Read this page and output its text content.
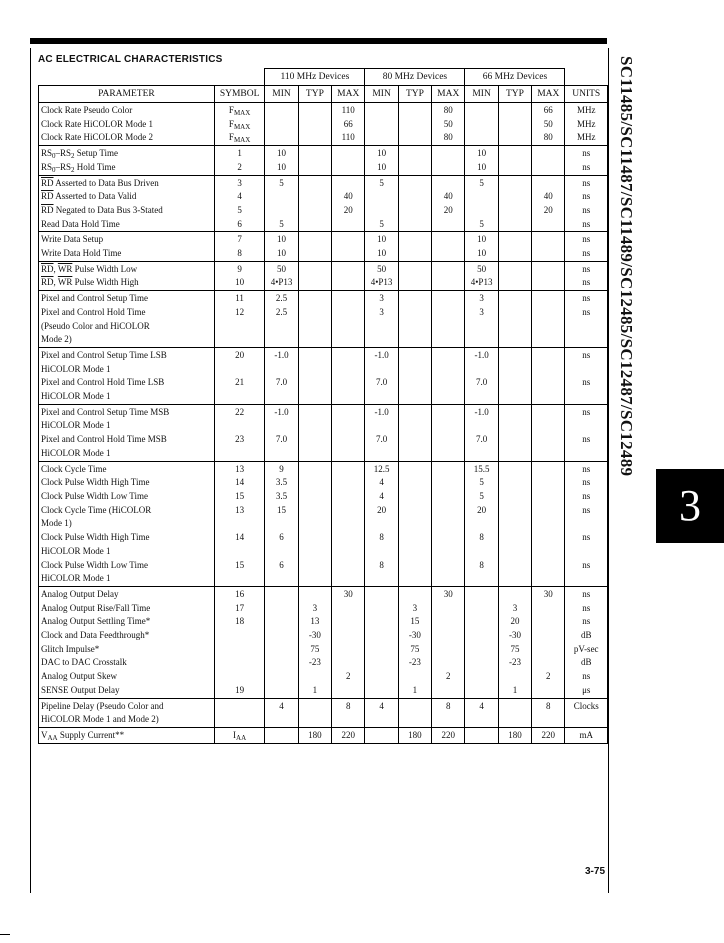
AC ELECTRICAL CHARACTERISTICS	SC11485/SC11487/SC11489/SC12485/SC12487/SC12489
3
		110 MHz Devices			80 MHz Devices			66 MHz Devices			
PARAMETER	SYMBOL	MIN	TYP	MAX	MIN	TYP	MAX	MIN	TYP	MAX	UNITS
Clock Rate Pseudo Color	$F_{MAX}$			110			80			66	MHz
Clock Rate HiCOLOR Mode 1	$F_{MAX}$			66			50			50	MHz
Clock Rate HiCOLOR Mode 2	$F_{MAX}$			110			80			80	MHz
$RS_0-RS_2$ Setup Time	1	10			10			10			ns
$RS_0-RS_2$ Hold Time	2	10			10			10			ns
$\overline{RD}$ Asserted to Data Bus Driven	3	5			5			5			ns
$\overline{RD}$ Asserted to Data Valid	4			40			40			40	ns
$\overline{RD}$ Negated to Data Bus 3-Stated	5			20			20			20	ns
Read Data Hold Time	6	5			5			5			ns
Write Data Setup	7	10			10			10			ns
Write Data Hold Time	8	10			10			10			ns
$\overline{RD}$, $\overline{WR}$ Pulse Width Low	9	50			50			50			ns
$\overline{RD}$, $\overline{WR}$ Pulse Width High	10	4•P13			4•P13			4•P13			ns
Pixel and Control Setup Time	11	2.5			3			3			ns
Pixel and Control Hold Time	12	2.5			3			3			ns
(Pseudo Color and HiCOLOR											
Mode 2)											
Pixel and Control Setup Time LSB	20	-1.0			-1.0			-1.0			ns
HiCOLOR Mode 1											
Pixel and Control Hold Time LSB	21	7.0			7.0			7.0			ns
HiCOLOR Mode 1											
Pixel and Control Setup Time MSB	22	-1.0			-1.0			-1.0			ns
HiCOLOR Mode 1											
Pixel and Control Hold Time MSB	23	7.0			7.0			7.0			ns
HiCOLOR Mode 1											
Clock Cycle Time	13	9			12.5			15.5			ns
Clock Pulse Width High Time	14	3.5			4			5			ns
Clock Pulse Width Low Time	15	3.5			4			5			ns
Clock Cycle Time (HiCOLOR	13	15			20			20			ns
Mode 1)											
Clock Pulse Width High Time	14	6			8			8			ns
HiCOLOR Mode 1											
Clock Pulse Width Low Time	15	6			8			8			ns
HiCOLOR Mode 1											
Analog Output Delay	16			30			30			30	ns
Analog Output Rise/Fall Time	17		3			3			3		ns
Analog Output Settling Time*	18		13			15			20		ns
Clock and Data Feedthrough*			-30			-30			-30		dB
Glitch Impulse*			75			75			75		pV-sec
DAC to DAC Crosstalk			-23			-23			-23		dB
Analog Output Skew				2			2			2	ns
SENSE Output Delay	19		1			1			1		μs
Pipeline Delay (Pseudo Color and		4		8	4		8	4		8	Clocks
HiCOLOR Mode 1 and Mode 2)											
$V_{AA}$ Supply Current**	$I_{AA}$		180	220		180	220		180	220	mA
3-75
